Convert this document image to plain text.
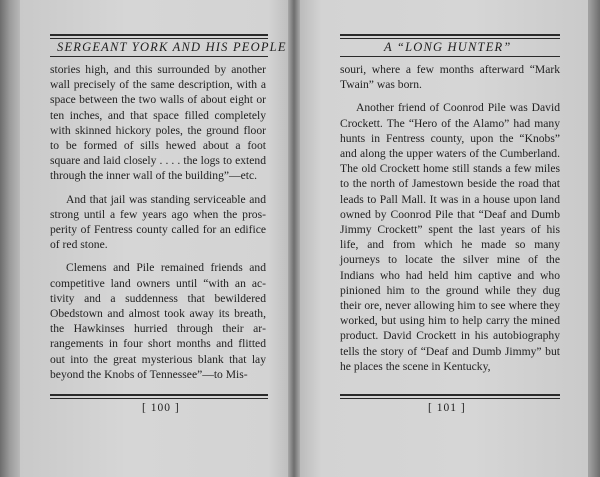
SERGEANT YORK AND HIS PEOPLE

stories high, and this surrounded by another wall precisely of the same description, with a space between the two walls of about eight or ten inches, and that space filled completely with skinned hickory poles, the ground floor to be formed of sills hewed about a foot square and laid closely . . . . the logs to extend through the inner wall of the building”—etc.

And that jail was standing serviceable and strong until a few years ago when the prosperity of Fentress county called for an edifice of red stone.

Clemens and Pile remained friends and competitive land owners until “with an activity and a suddenness that bewildered Obedstown and almost took away its breath, the Hawkinses hurried through their arrangements in four short months and flitted out into the great mysterious blank that lay beyond the Knobs of Tennessee”—to Mis-

[ 100 ]
A “LONG HUNTER”

souri, where a few months afterward “Mark Twain” was born.

Another friend of Coonrod Pile was David Crockett. The “Hero of the Alamo” had many hunts in Fentress county, upon the “Knobs” and along the upper waters of the Cumberland. The old Crockett home still stands a few miles to the north of Jamestown beside the road that leads to Pall Mall. It was in a house upon land owned by Coonrod Pile that “Deaf and Dumb Jimmy Crockett” spent the last years of his life, and from which he made so many journeys to locate the silver mine of the Indians who had held him captive and who pinioned him to the ground while they dug their ore, never allowing him to see where they worked, but using him to help carry the mined product. David Crockett in his autobiography tells the story of “Deaf and Dumb Jimmy” but he places the scene in Kentucky,

[ 101 ]
